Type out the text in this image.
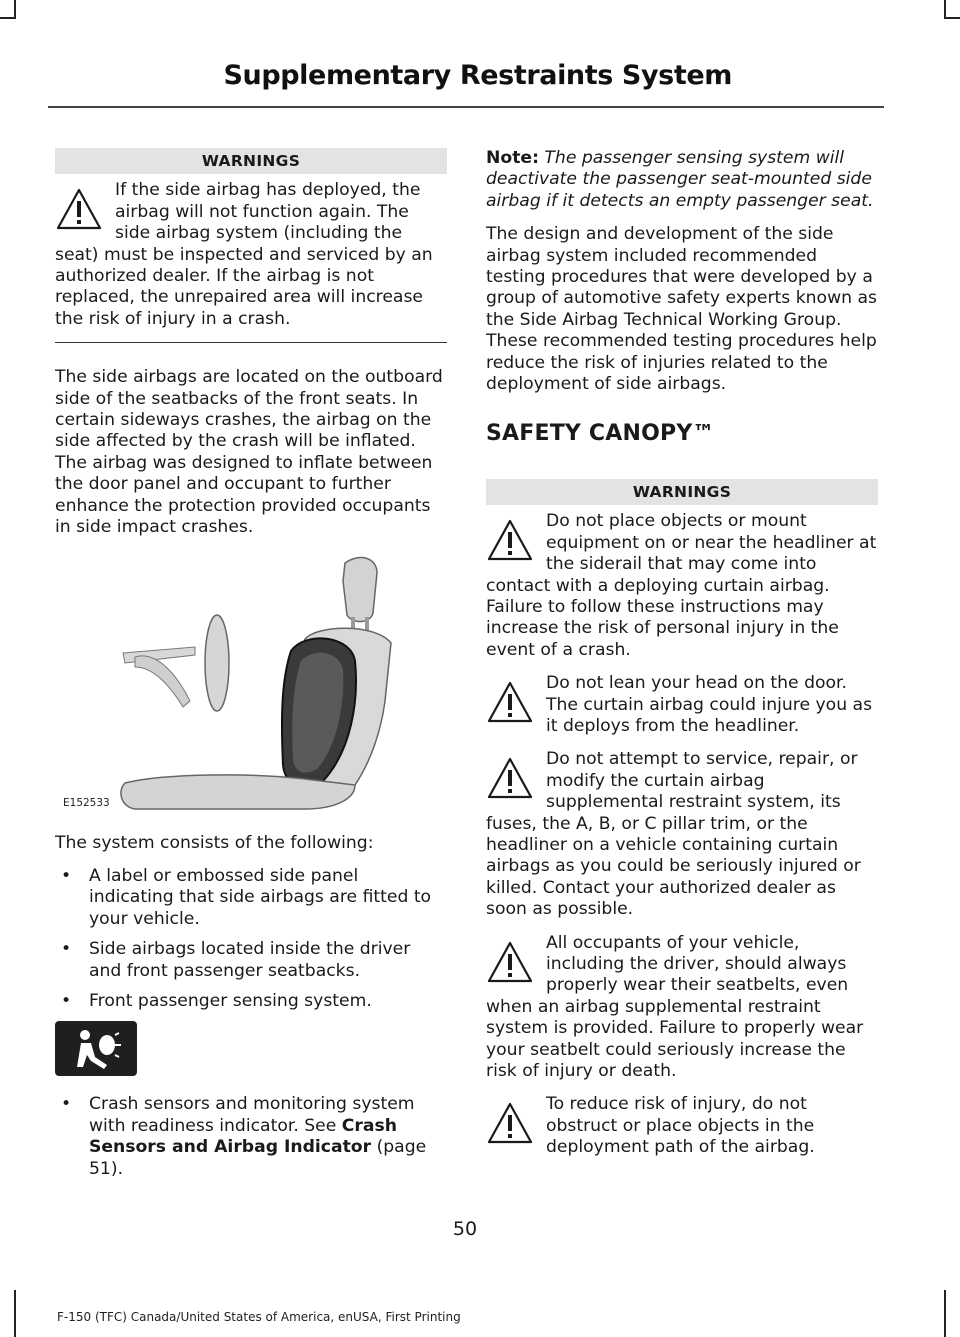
Supplementary Restraints System
WARNINGS

If the side airbag has deployed, the airbag will not function again. The side airbag system (including the seat) must be inspected and serviced by an authorized dealer. If the airbag is not replaced, the unrepaired area will increase the risk of injury in a crash.

The side airbags are located on the outboard side of the seatbacks of the front seats. In certain sideways crashes, the airbag on the side affected by the crash will be inflated. The airbag was designed to inflate between the door panel and occupant to further enhance the protection provided occupants in side impact crashes.

E152533

The system consists of the following:

• A label or embossed side panel indicating that side airbags are fitted to your vehicle.
• Side airbags located inside the driver and front passenger seatbacks.
• Front passenger sensing system.
• Crash sensors and monitoring system with readiness indicator. See Crash Sensors and Airbag Indicator (page 51).

Note: The passenger sensing system will deactivate the passenger seat-mounted side airbag if it detects an empty passenger seat.

The design and development of the side airbag system included recommended testing procedures that were developed by a group of automotive safety experts known as the Side Airbag Technical Working Group. These recommended testing procedures help reduce the risk of injuries related to the deployment of side airbags.

SAFETY CANOPY™
WARNINGS

Do not place objects or mount equipment on or near the headliner at the siderail that may come into contact with a deploying curtain airbag. Failure to follow these instructions may increase the risk of personal injury in the event of a crash.

Do not lean your head on the door. The curtain airbag could injure you as it deploys from the headliner.

Do not attempt to service, repair, or modify the curtain airbag supplemental restraint system, its fuses, the A, B, or C pillar trim, or the headliner on a vehicle containing curtain airbags as you could be seriously injured or killed. Contact your authorized dealer as soon as possible.

All occupants of your vehicle, including the driver, should always properly wear their seatbelts, even when an airbag supplemental restraint system is provided. Failure to properly wear your seatbelt could seriously increase the risk of injury or death.

To reduce risk of injury, do not obstruct or place objects in the deployment path of the airbag.

50
F-150 (TFC) Canada/United States of America, enUSA, First Printing
